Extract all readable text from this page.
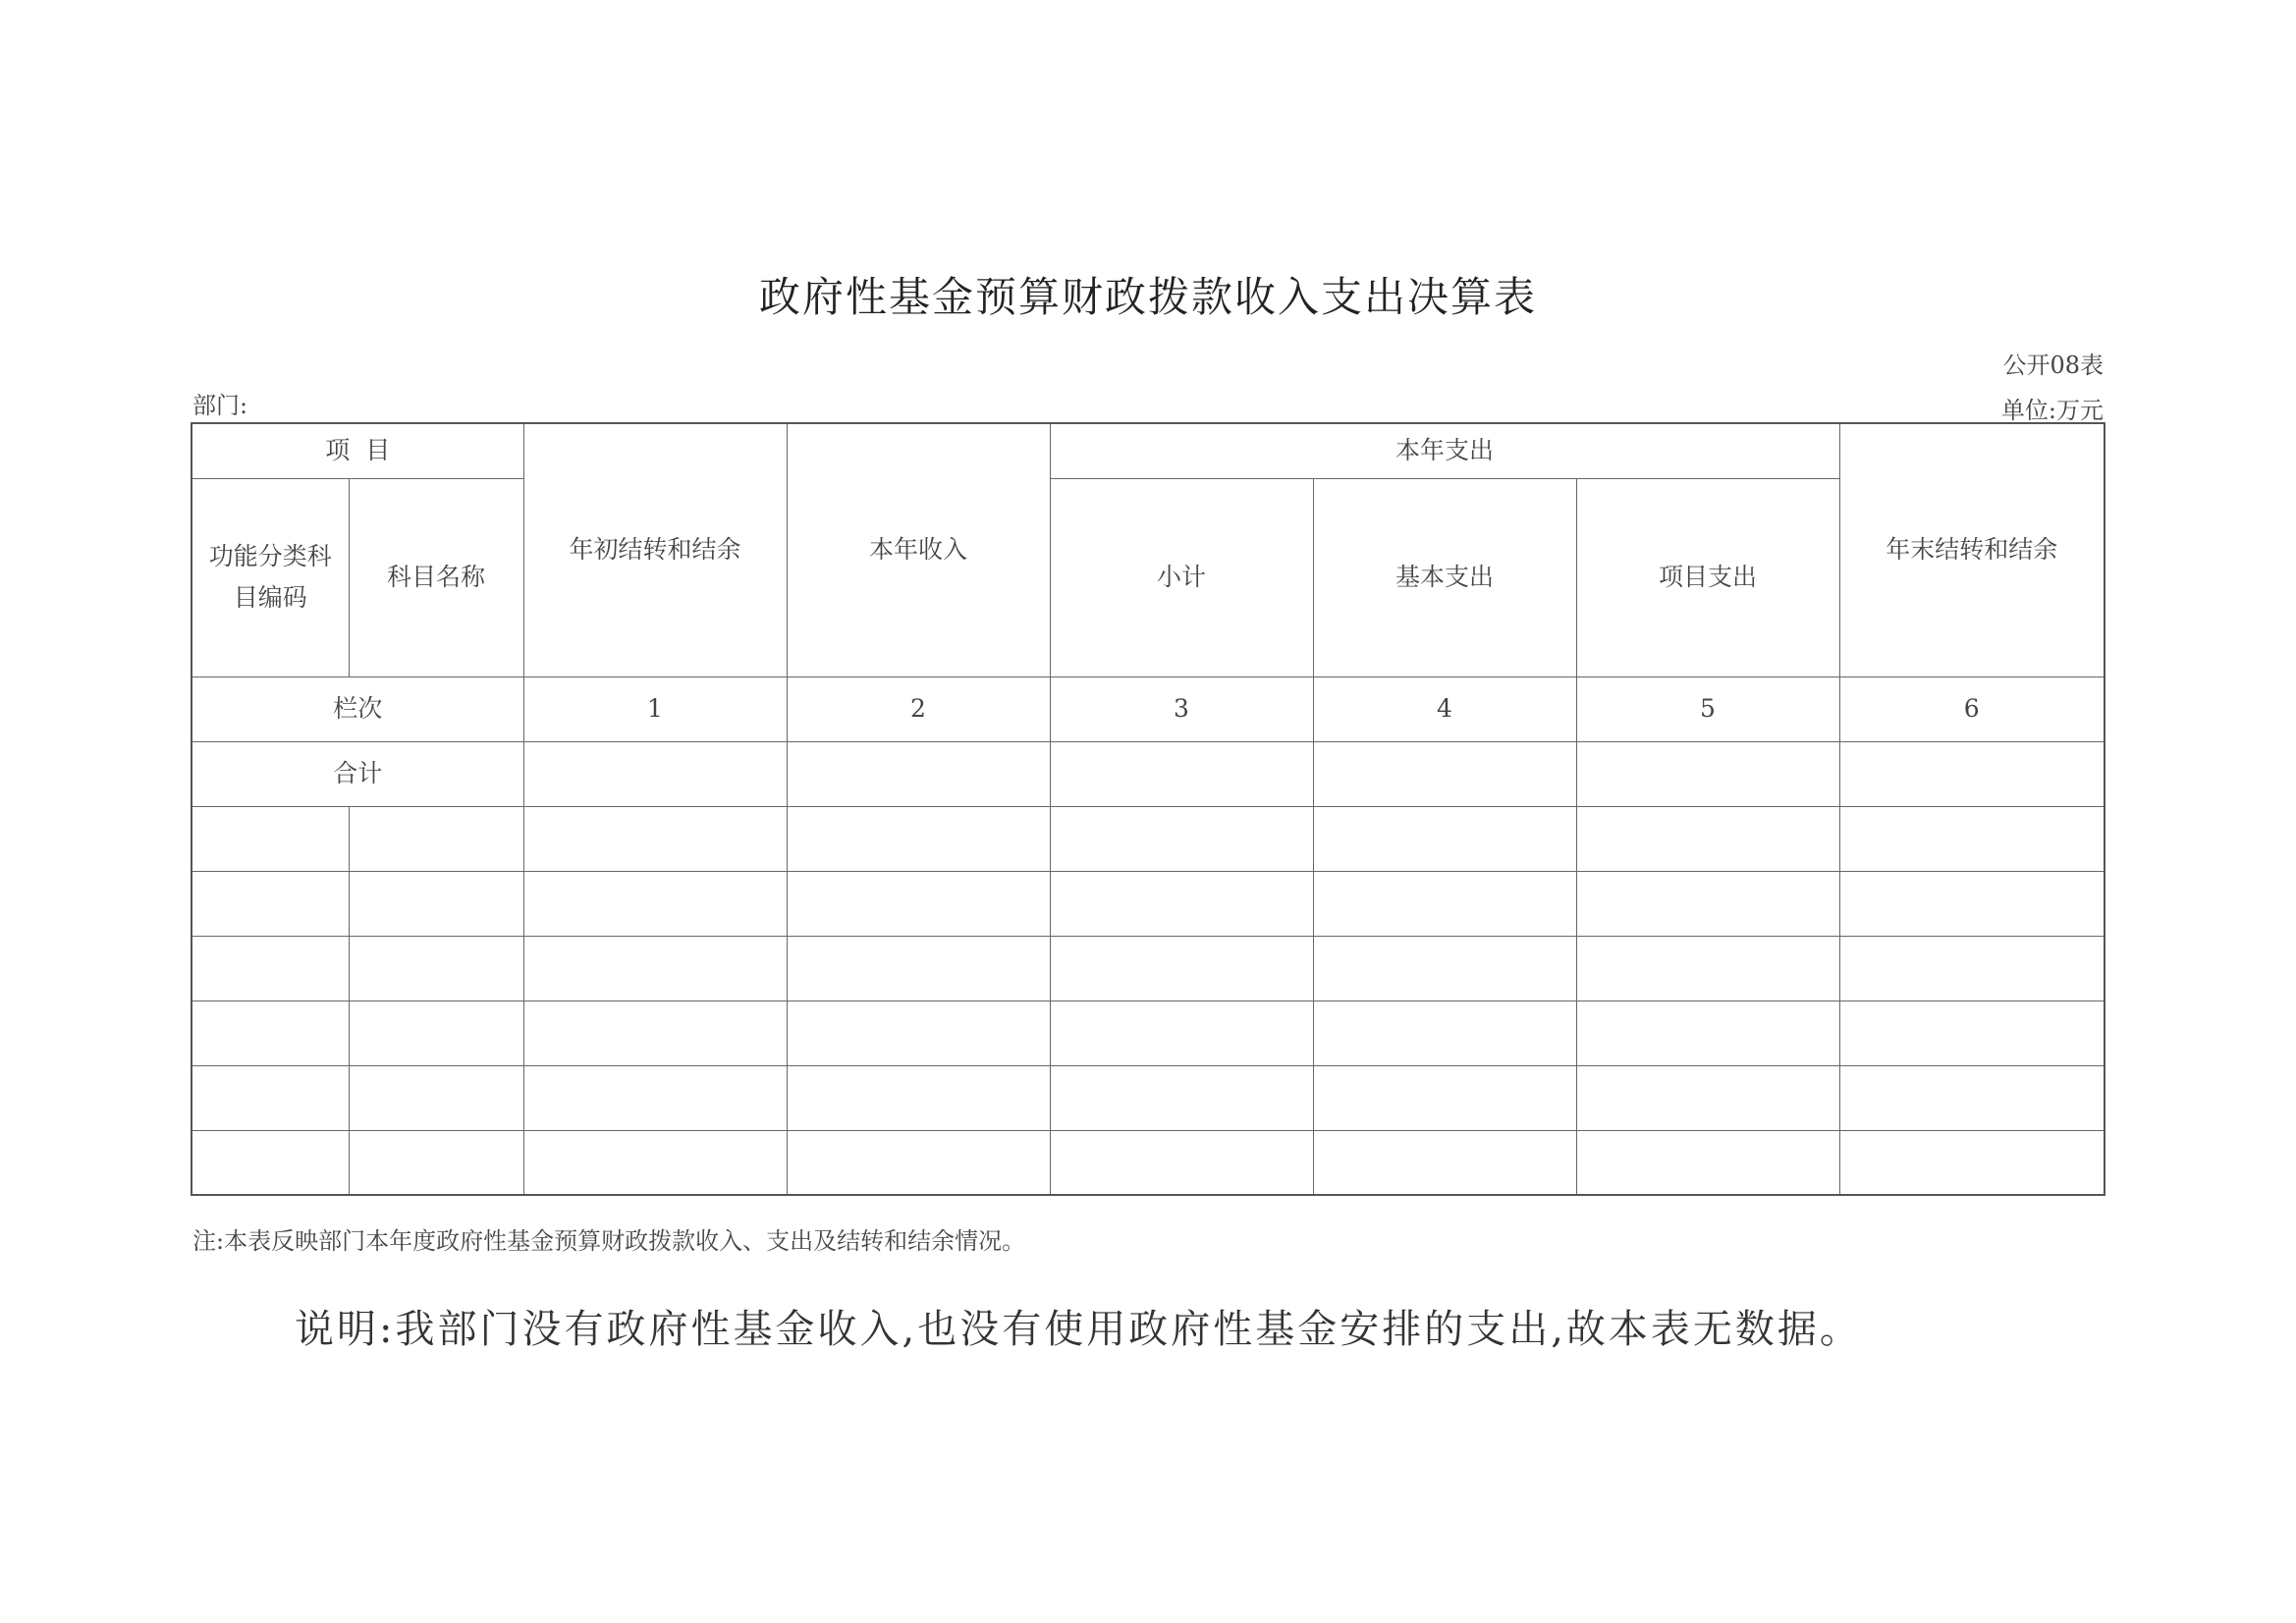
政府性基金预算财政拨款收入支出决算表
公开08表
部门:	单位:万元
项  目		年初结转和结余	本年收入	本年支出			年末结转和结余
功能分类科目编码	科目名称			小计	基本支出	项目支出	
栏次		1	2	3	4	5	6
合计							

注:本表反映部门本年度政府性基金预算财政拨款收入、支出及结转和结余情况。
说明:我部门没有政府性基金收入,也没有使用政府性基金安排的支出,故本表无数据。
